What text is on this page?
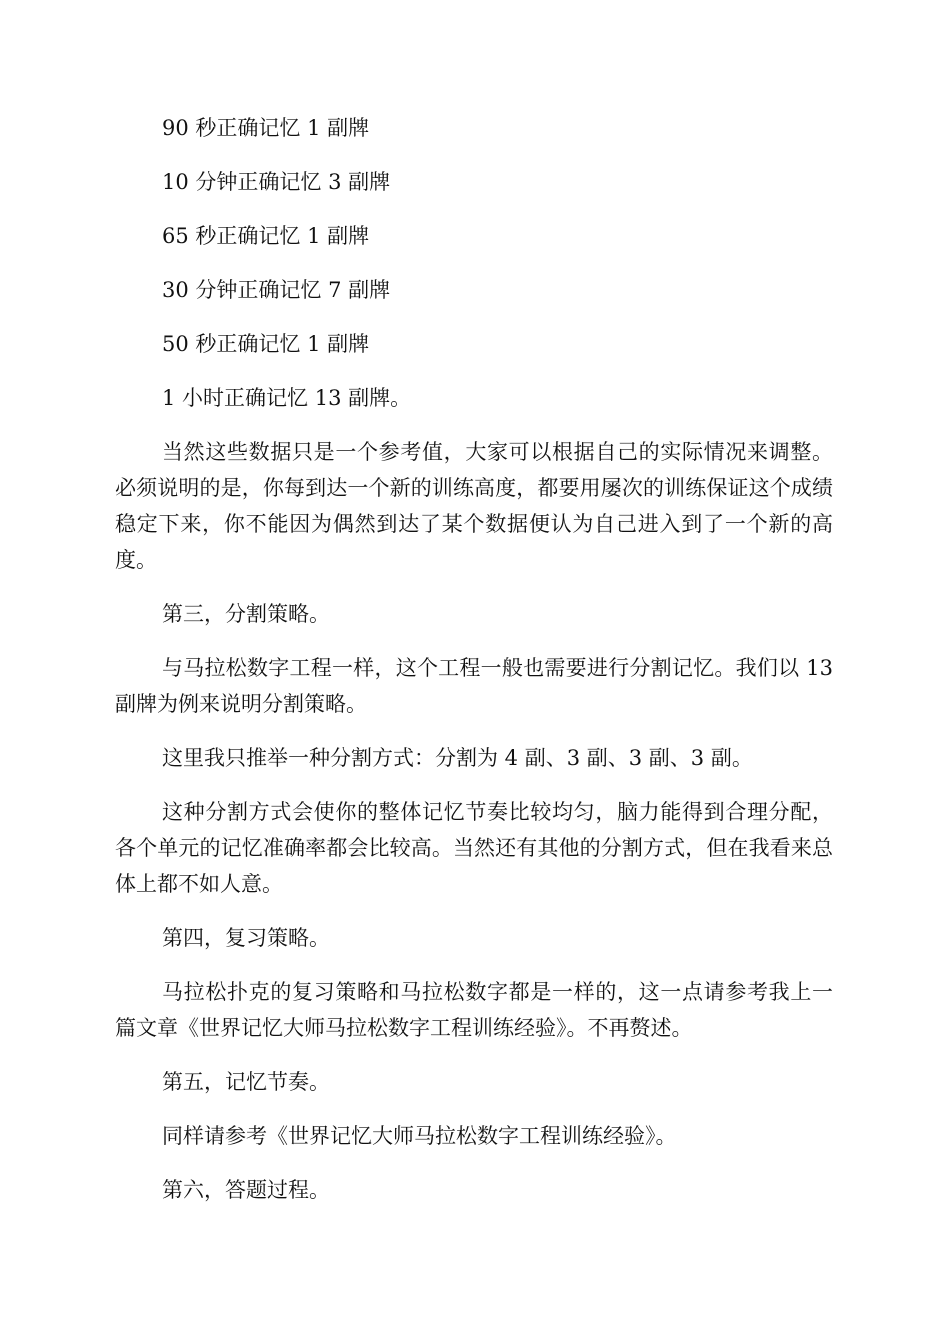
90 秒正确记忆 1 副牌

10 分钟正确记忆 3 副牌

65 秒正确记忆 1 副牌

30 分钟正确记忆 7 副牌

50 秒正确记忆 1 副牌

1 小时正确记忆 13 副牌。

当然这些数据只是一个参考值，大家可以根据自己的实际情况来调整。必须说明的是，你每到达一个新的训练高度，都要用屡次的训练保证这个成绩稳定下来，你不能因为偶然到达了某个数据便认为自己进入到了一个新的高度。

第三，分割策略。

与马拉松数字工程一样，这个工程一般也需要进行分割记忆。我们以 13 副牌为例来说明分割策略。

这里我只推举一种分割方式：分割为 4 副、3 副、3 副、3 副。

这种分割方式会使你的整体记忆节奏比较均匀，脑力能得到合理分配，各个单元的记忆准确率都会比较高。当然还有其他的分割方式，但在我看来总体上都不如人意。

第四，复习策略。

马拉松扑克的复习策略和马拉松数字都是一样的，这一点请参考我上一篇文章《世界记忆大师马拉松数字工程训练经验》。不再赘述。

第五，记忆节奏。

同样请参考《世界记忆大师马拉松数字工程训练经验》。

第六，答题过程。
